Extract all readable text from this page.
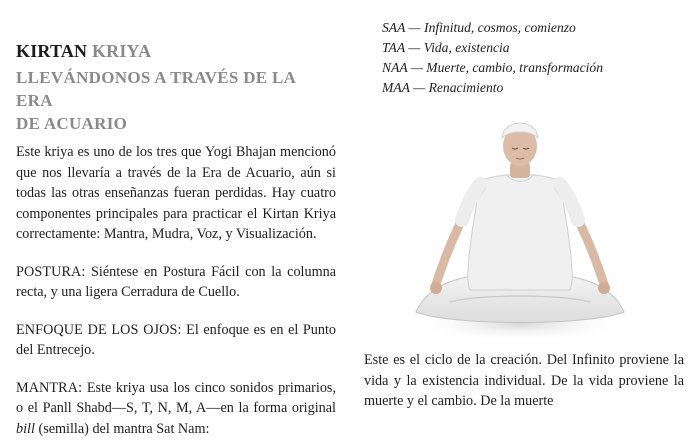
KIRTAN KRIYA
LLEVÁNDONOS A TRAVÉS DE LA ERA
DE ACUARIO

Este kriya es uno de los tres que Yogi Bhajan mencionó que nos llevaría a través de la Era de Acuario, aún si todas las otras enseñanzas fueran perdidas. Hay cuatro componentes principales para practicar el Kirtan Kriya correctamente: Mantra, Mudra, Voz, y Visualización.

POSTURA: Siéntese en Postura Fácil con la columna recta, y una ligera Cerradura de Cuello.

ENFOQUE DE LOS OJOS: El enfoque es en el Punto del Entrecejo.

MANTRA: Este kriya usa los cinco sonidos primarios, o el Panll Shabd—S, T, N, M, A—en la forma original bill (semilla) del mantra Sat Nam:

SAA — Infinitud, cosmos, comienzo
TAA — Vida, existencia
NAA — Muerte, cambio, transformación
MAA — Renacimiento

Este es el ciclo de la creación. Del Infinito proviene la vida y la existencia individual. De la vida proviene la muerte y el cambio. De la muerte
